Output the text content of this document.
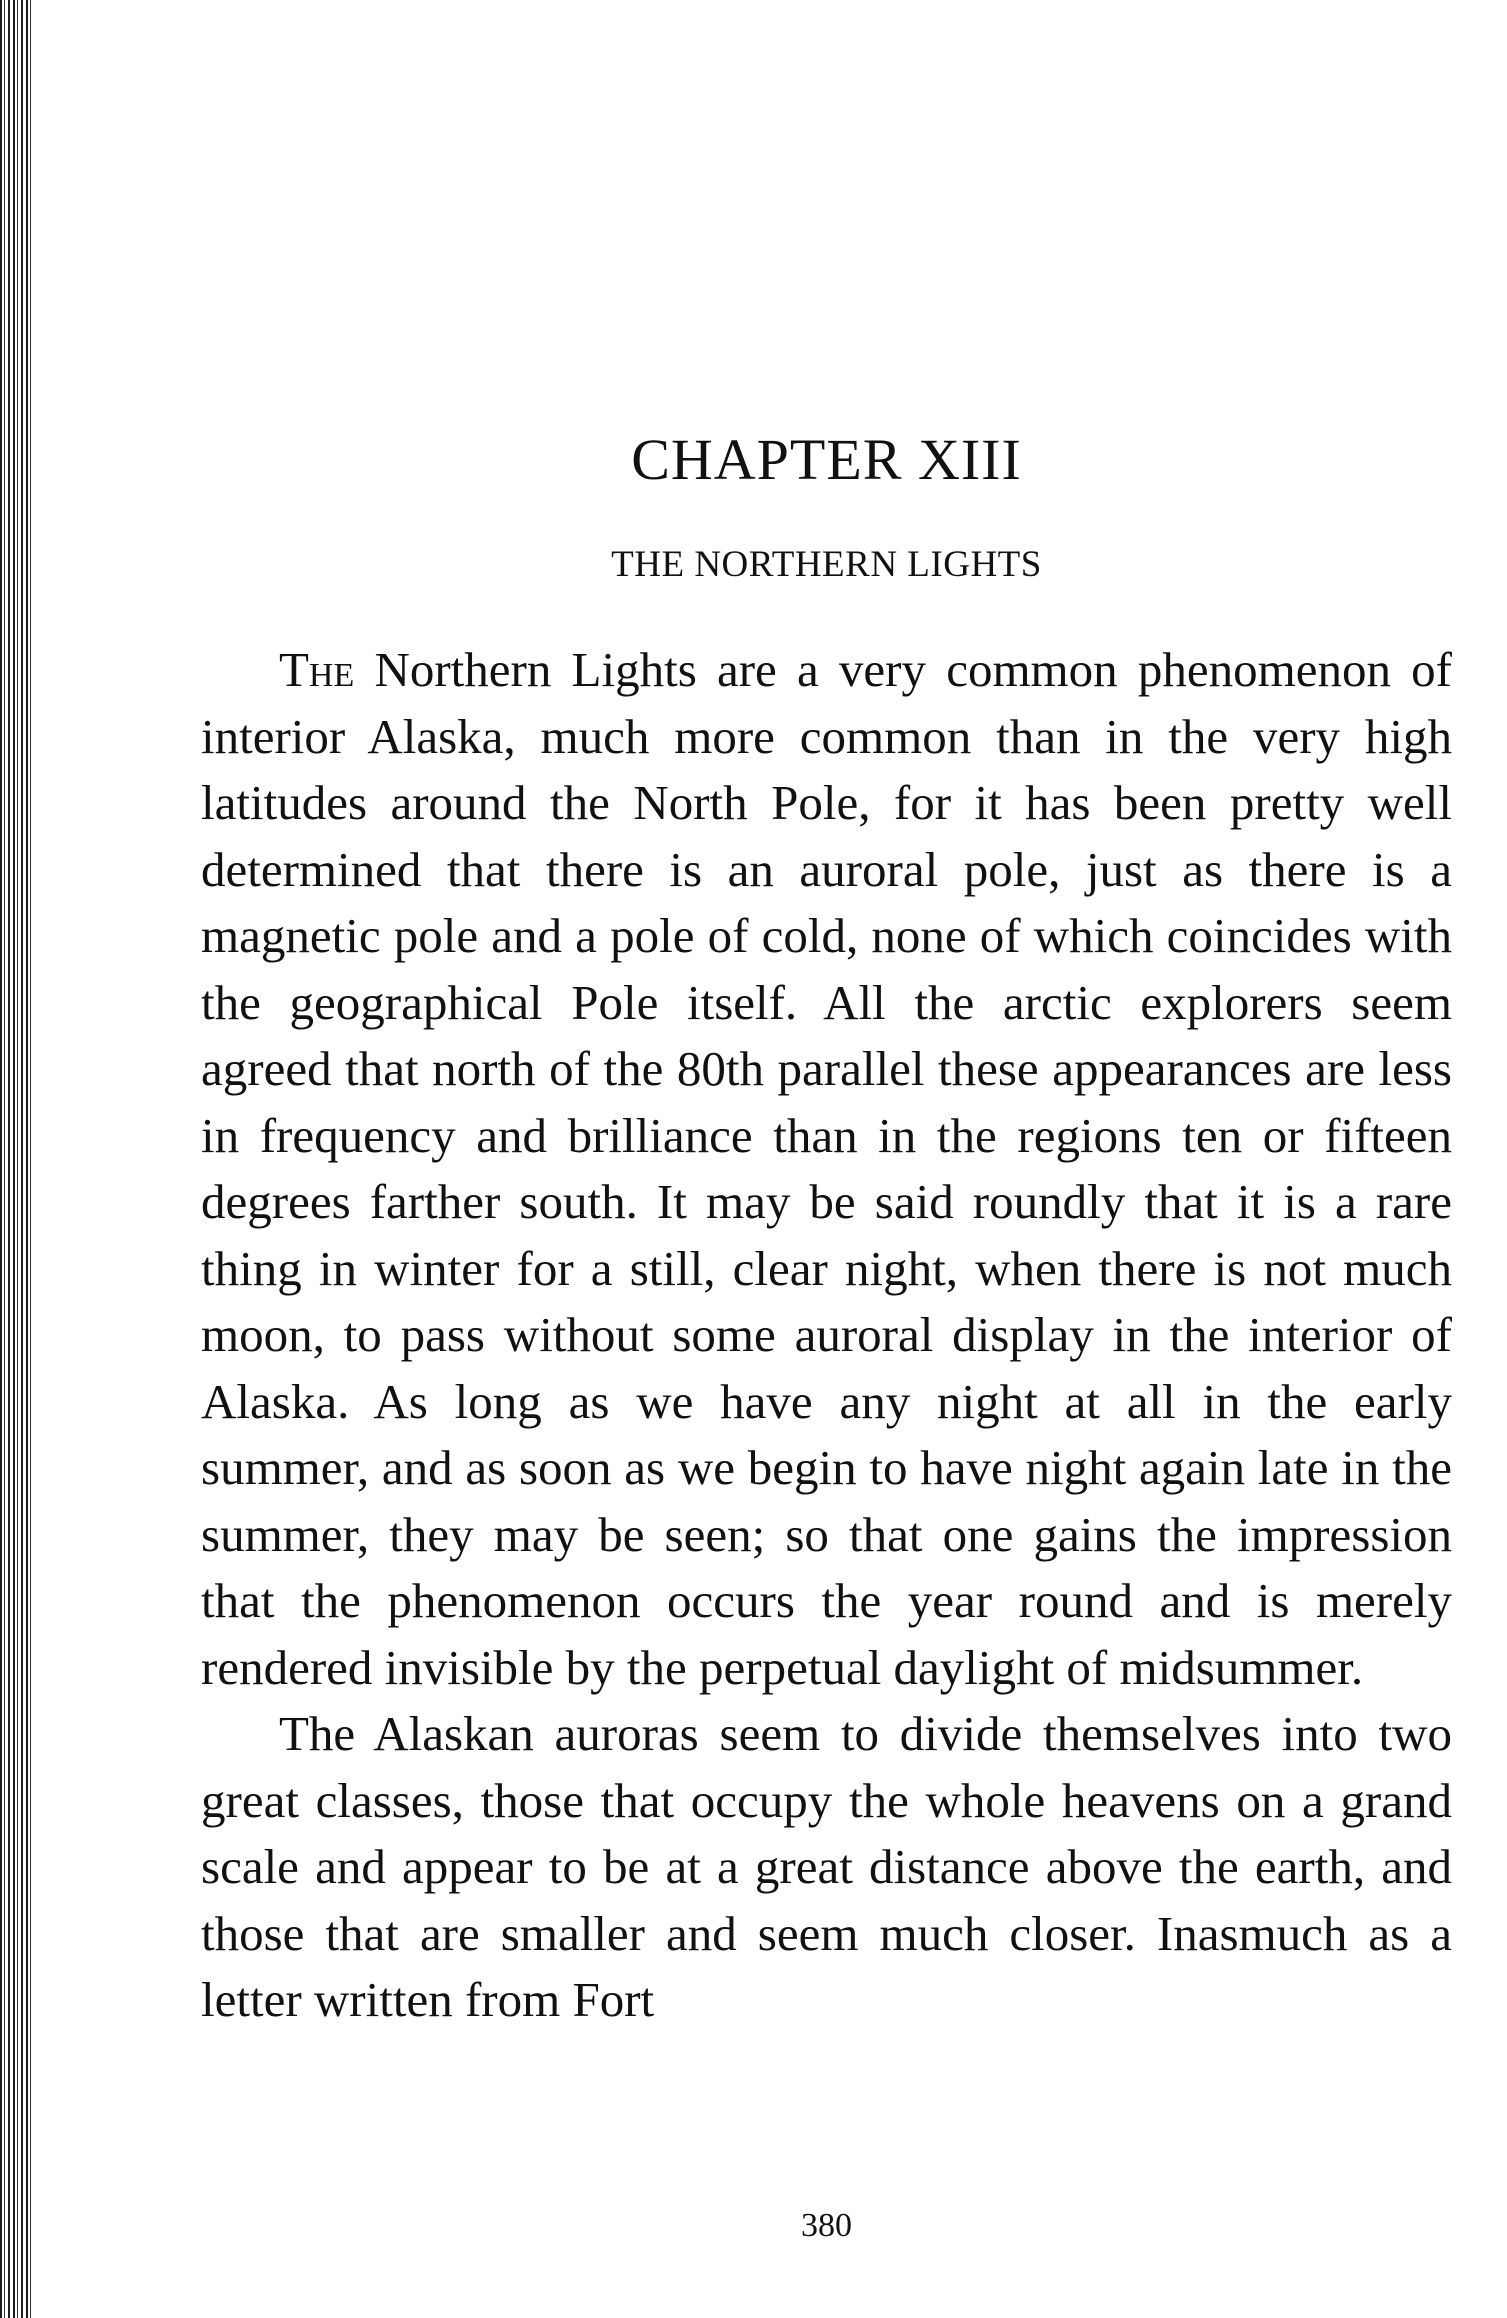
CHAPTER XIII
THE NORTHERN LIGHTS

The Northern Lights are a very common phenomenon of interior Alaska, much more common than in the very high latitudes around the North Pole, for it has been pretty well determined that there is an auroral pole, just as there is a magnetic pole and a pole of cold, none of which coincides with the geographical Pole itself. All the arctic explorers seem agreed that north of the 80th parallel these appearances are less in frequency and brilliance than in the regions ten or fifteen degrees farther south. It may be said roundly that it is a rare thing in winter for a still, clear night, when there is not much moon, to pass without some auroral display in the interior of Alaska. As long as we have any night at all in the early summer, and as soon as we begin to have night again late in the summer, they may be seen; so that one gains the impression that the phenomenon occurs the year round and is merely rendered invisible by the perpetual daylight of midsummer.

The Alaskan auroras seem to divide themselves into two great classes, those that occupy the whole heavens on a grand scale and appear to be at a great distance above the earth, and those that are smaller and seem much closer. Inasmuch as a letter written from Fort

380
